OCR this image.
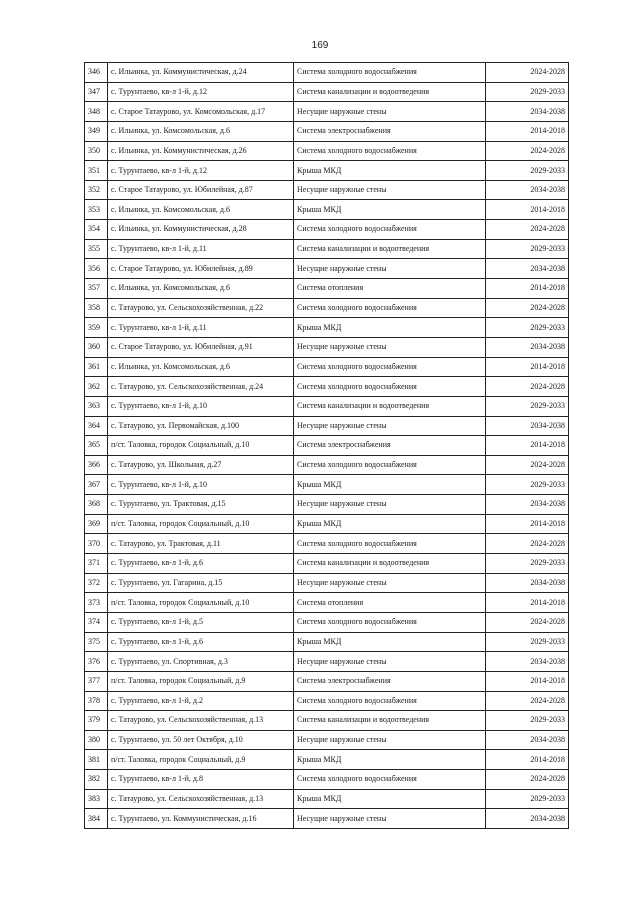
169
346	с. Ильинка, ул. Коммунистическая, д.24	Система холодного водоснабжения	2024-2028
347	с. Турунтаево, кв-л 1-й, д.12	Система канализации и водоотведения	2029-2033
348	с. Старое Татаурово, ул. Комсомольская, д.17	Несущие наружные стены	2034-2038
349	с. Ильинка, ул. Комсомольская, д.6	Система электроснабжения	2014-2018
350	с. Ильинка, ул. Коммунистическая, д.26	Система холодного водоснабжения	2024-2028
351	с. Турунтаево, кв-л 1-й, д.12	Крыша МКД	2029-2033
352	с. Старое Татаурово, ул. Юбилейная, д.87	Несущие наружные стены	2034-2038
353	с. Ильинка, ул. Комсомольская, д.6	Крыша МКД	2014-2018
354	с. Ильинка, ул. Коммунистическая, д.28	Система холодного водоснабжения	2024-2028
355	с. Турунтаево, кв-л 1-й, д.11	Система канализации и водоотведения	2029-2033
356	с. Старое Татаурово, ул. Юбилейная, д.89	Несущие наружные стены	2034-2038
357	с. Ильинка, ул. Комсомольская, д.6	Система отопления	2014-2018
358	с. Татаурово, ул. Сельскохозяйственная, д.22	Система холодного водоснабжения	2024-2028
359	с. Турунтаево, кв-л 1-й, д.11	Крыша МКД	2029-2033
360	с. Старое Татаурово, ул. Юбилейная, д.91	Несущие наружные стены	2034-2038
361	с. Ильинка, ул. Комсомольская, д.6	Система холодного водоснабжения	2014-2018
362	с. Татаурово, ул. Сельскохозяйственная, д.24	Система холодного водоснабжения	2024-2028
363	с. Турунтаево, кв-л 1-й, д.10	Система канализации и водоотведения	2029-2033
364	с. Татаурово, ул. Первомайская, д.100	Несущие наружные стены	2034-2038
365	п/ст. Таловка, городок Социальный, д.10	Система электроснабжения	2014-2018
366	с. Татаурово, ул. Школьная, д.27	Система холодного водоснабжения	2024-2028
367	с. Турунтаево, кв-л 1-й, д.10	Крыша МКД	2029-2033
368	с. Турунтаево, ул. Трактовая, д.15	Несущие наружные стены	2034-2038
369	п/ст. Таловка, городок Социальный, д.10	Крыша МКД	2014-2018
370	с. Татаурово, ул. Трактовая, д.11	Система холодного водоснабжения	2024-2028
371	с. Турунтаево, кв-л 1-й, д.6	Система канализации и водоотведения	2029-2033
372	с. Турунтаево, ул. Гагарина, д.15	Несущие наружные стены	2034-2038
373	п/ст. Таловка, городок Социальный, д.10	Система отопления	2014-2018
374	с. Турунтаево, кв-л 1-й, д.5	Система холодного водоснабжения	2024-2028
375	с. Турунтаево, кв-л 1-й, д.6	Крыша МКД	2029-2033
376	с. Турунтаево, ул. Спортивная, д.3	Несущие наружные стены	2034-2038
377	п/ст. Таловка, городок Социальный, д.9	Система электроснабжения	2014-2018
378	с. Турунтаево, кв-л 1-й, д.2	Система холодного водоснабжения	2024-2028
379	с. Татаурово, ул. Сельскохозяйственная, д.13	Система канализации и водоотведения	2029-2033
380	с. Турунтаево, ул. 50 лет Октября, д.10	Несущие наружные стены	2034-2038
381	п/ст. Таловка, городок Социальный, д.9	Крыша МКД	2014-2018
382	с. Турунтаево, кв-л 1-й, д.8	Система холодного водоснабжения	2024-2028
383	с. Татаурово, ул. Сельскохозяйственная, д.13	Крыша МКД	2029-2033
384	с. Турунтаево, ул. Коммунистическая, д.16	Несущие наружные стены	2034-2038
